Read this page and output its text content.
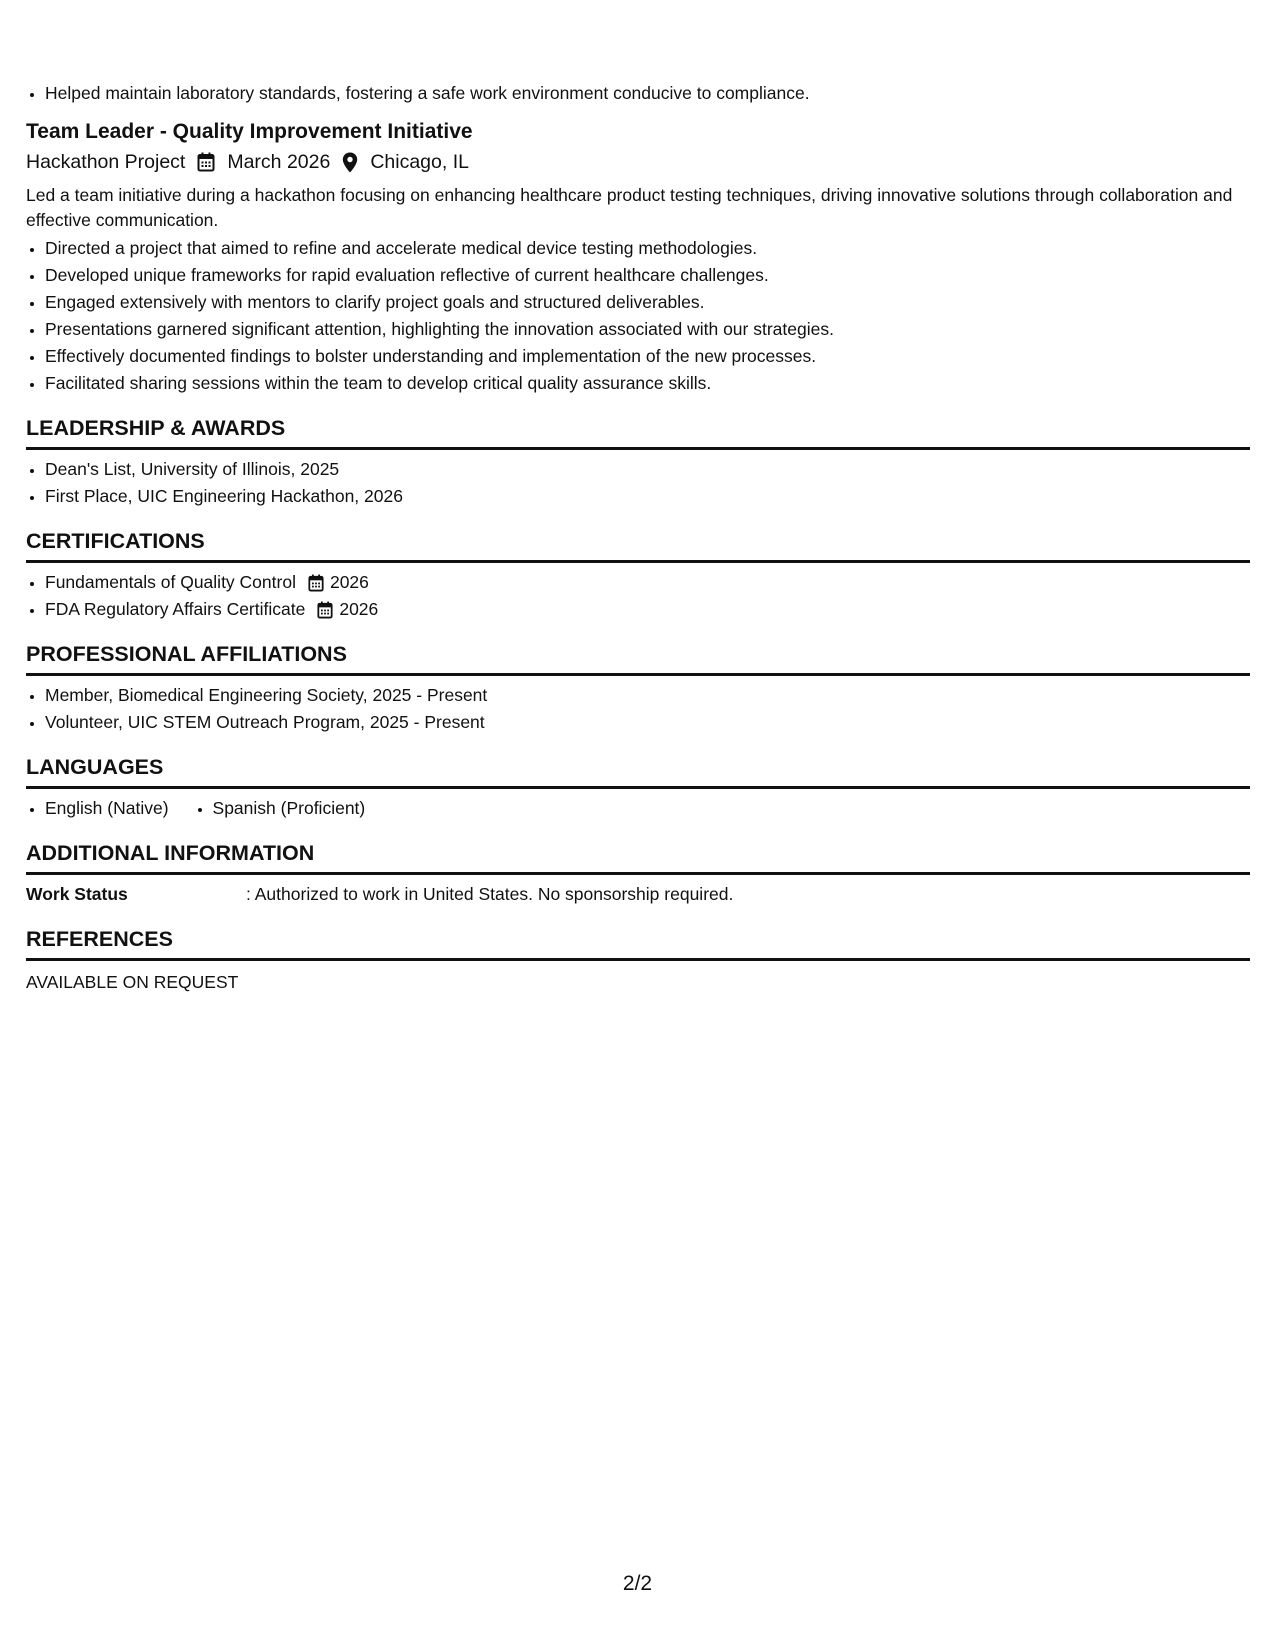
• Helped maintain laboratory standards, fostering a safe work environment conducive to compliance.
Team Leader - Quality Improvement Initiative
Hackathon Project March 2026 Chicago, IL
Led a team initiative during a hackathon focusing on enhancing healthcare product testing techniques, driving innovative solutions through collaboration and effective communication.
• Directed a project that aimed to refine and accelerate medical device testing methodologies.
• Developed unique frameworks for rapid evaluation reflective of current healthcare challenges.
• Engaged extensively with mentors to clarify project goals and structured deliverables.
• Presentations garnered significant attention, highlighting the innovation associated with our strategies.
• Effectively documented findings to bolster understanding and implementation of the new processes.
• Facilitated sharing sessions within the team to develop critical quality assurance skills.
LEADERSHIP & AWARDS
• Dean's List, University of Illinois, 2025
• First Place, UIC Engineering Hackathon, 2026
CERTIFICATIONS
• Fundamentals of Quality Control 2026
• FDA Regulatory Affairs Certificate 2026
PROFESSIONAL AFFILIATIONS
• Member, Biomedical Engineering Society, 2025 - Present
• Volunteer, UIC STEM Outreach Program, 2025 - Present
LANGUAGES
• English (Native)
•	Spanish (Proficient)
ADDITIONAL INFORMATION
Work Status	: Authorized to work in United States. No sponsorship required.
REFERENCES
AVAILABLE ON REQUEST
2/2
